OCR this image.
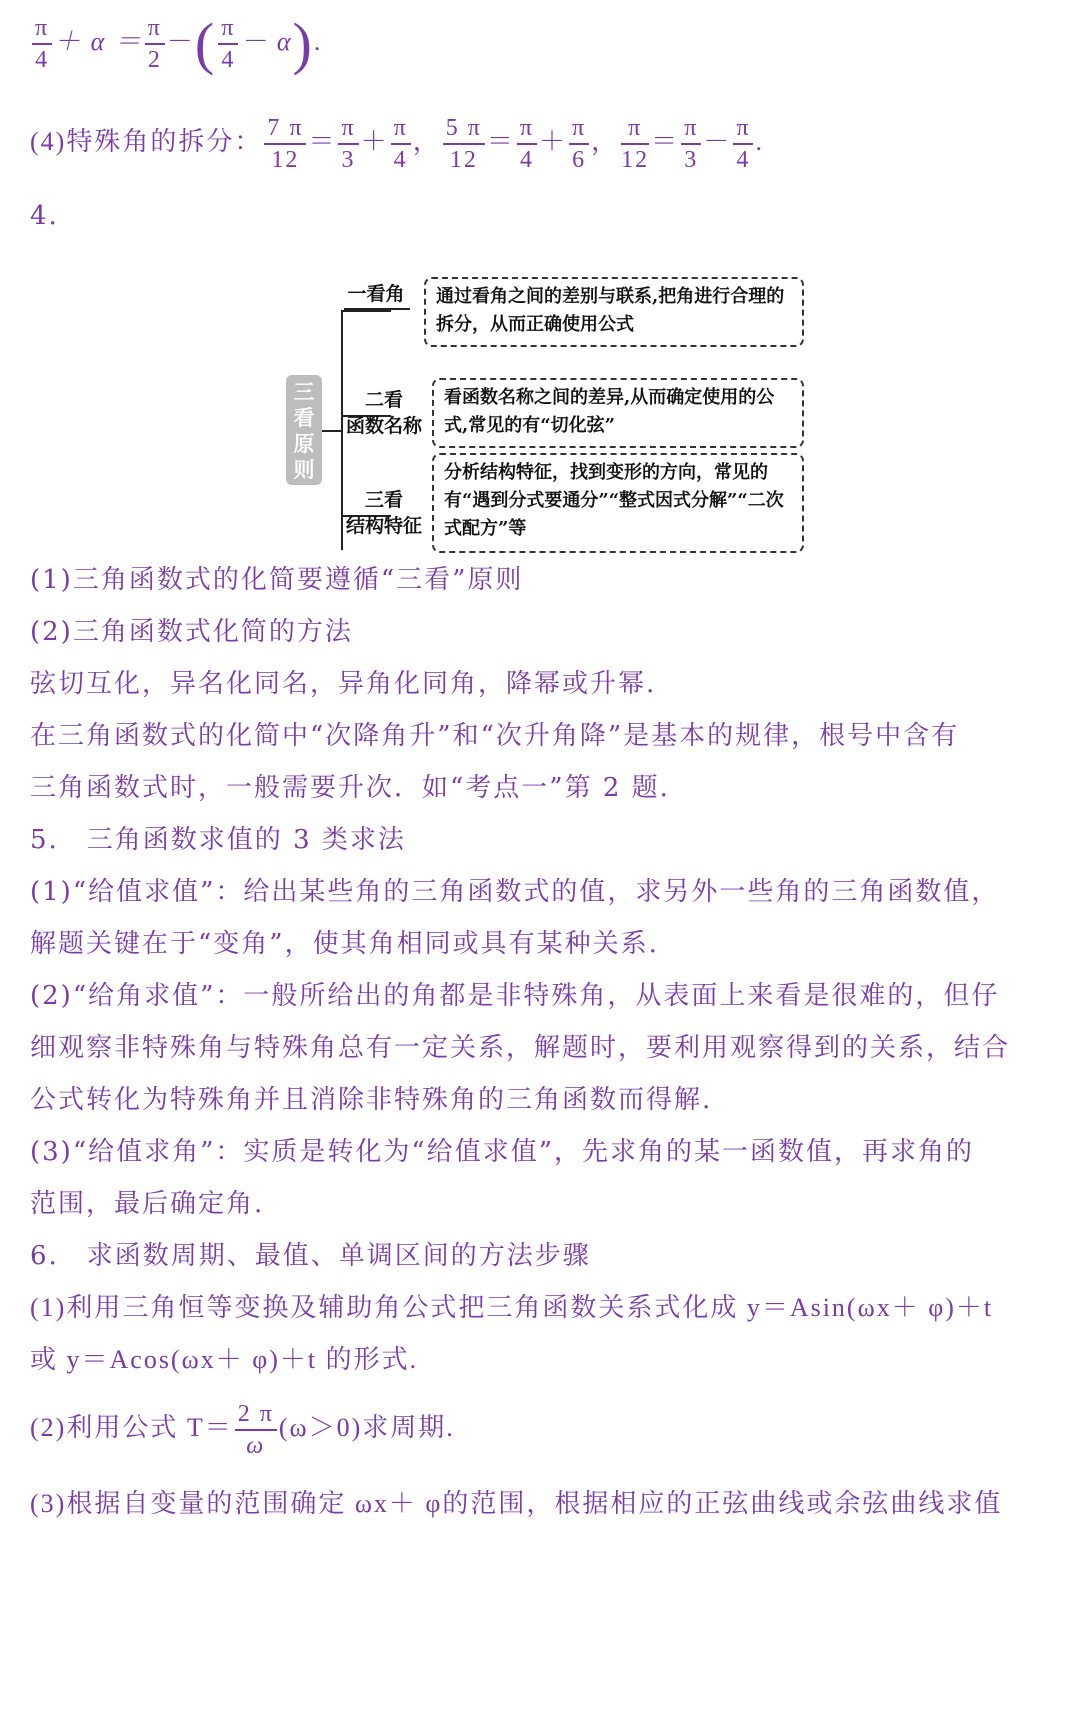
$\frac{\pi}{4} + \alpha = \frac{\pi}{2}$ －( $\frac{\pi}{4} - \alpha$).
(4)特殊角的拆分： $\frac{7 \pi}{12} = \frac{\pi}{3} + \frac{\pi}{4}$ ， $\frac{5 \pi}{12} = \frac{\pi}{4} + \frac{\pi}{6}$ ， $\frac{\pi}{12} = \frac{\pi}{3} - \frac{\pi}{4}$ .
4.
三看原则
一看角	通过看角之间的差别与联系,把角进行合理的拆分，从而正确使用公式
二看
函数名称
看函数名称之间的差异,从而确定使用的公式,常见的有“切化弦”
三看
结构特征
分析结构特征，找到变形的方向，常见的有“遇到分式要通分”“整式因式分解”“二次式配方”等
(1)三角函数式的化简要遵循“三看”原则
(2)三角函数式化简的方法
弦切互化，异名化同名，异角化同角，降幂或升幂.
在三角函数式的化简中“次降角升”和“次升角降”是基本的规律，根号中含有
三角函数式时，一般需要升次．如“考点一”第 2 题.
5.　三角函数求值的 3 类求法
(1)“给值求值”：给出某些角的三角函数式的值，求另外一些角的三角函数值，
解题关键在于“变角”，使其角相同或具有某种关系.
(2)“给角求值”：一般所给出的角都是非特殊角，从表面上来看是很难的，但仔
细观察非特殊角与特殊角总有一定关系，解题时，要利用观察得到的关系，结合
公式转化为特殊角并且消除非特殊角的三角函数而得解.
(3)“给值求角”：实质是转化为“给值求值”，先求角的某一函数值，再求角的
范围，最后确定角.
6.　求函数周期、最值、单调区间的方法步骤
(1)利用三角恒等变换及辅助角公式把三角函数关系式化成 y＝Asin(ωx＋ φ)＋t
或 y＝Acos(ωx＋ φ)＋t 的形式.
(2)利用公式 $T= \frac{2 \pi}{\omega} (\omega>0)$求周期.
(3)根据自变量的范围确定 ωx＋ φ的范围，根据相应的正弦曲线或余弦曲线求值
